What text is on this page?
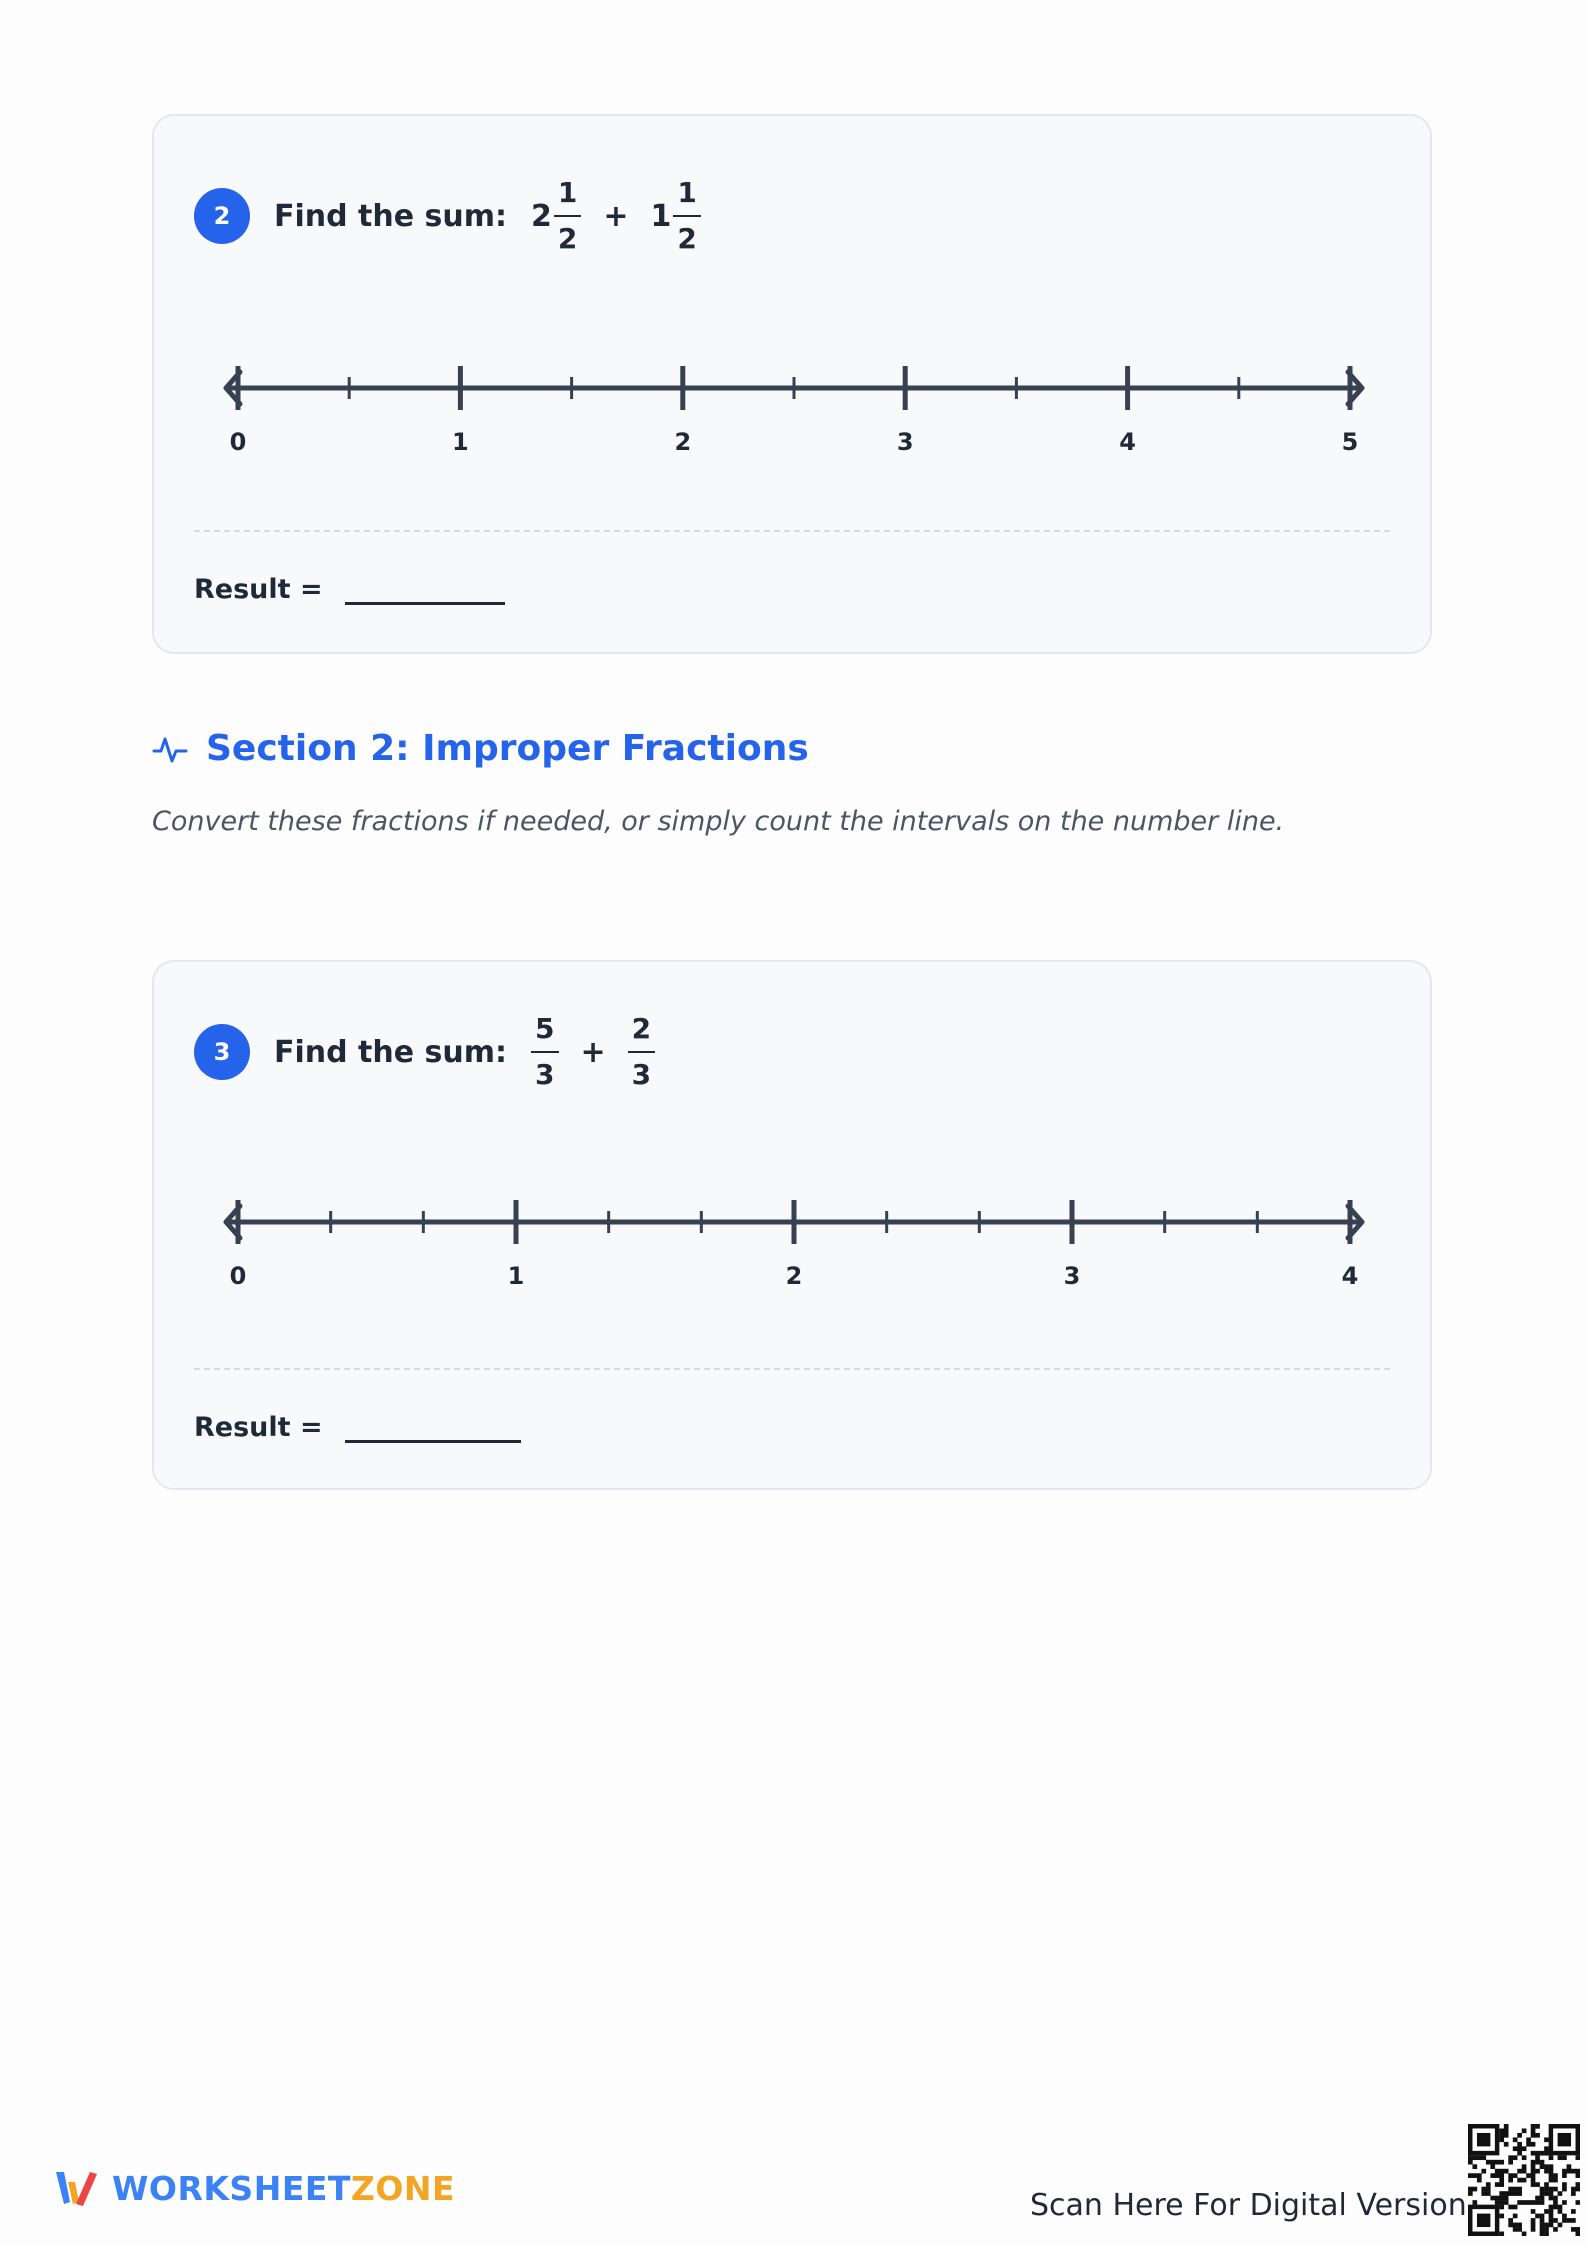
2	Find the sum: $2 \frac{1}{2} + 1 \frac{1}{2}$
0	1	2	3	4	5
Result =
Section 2: Improper Fractions
Convert these fractions if needed, or simply count the intervals on the number line.
3	Find the sum: $\frac{5}{3} + \frac{2}{3}$
0	1	2	3	4
Result =
WORKSHEETZONE	Scan Here For Digital Version
